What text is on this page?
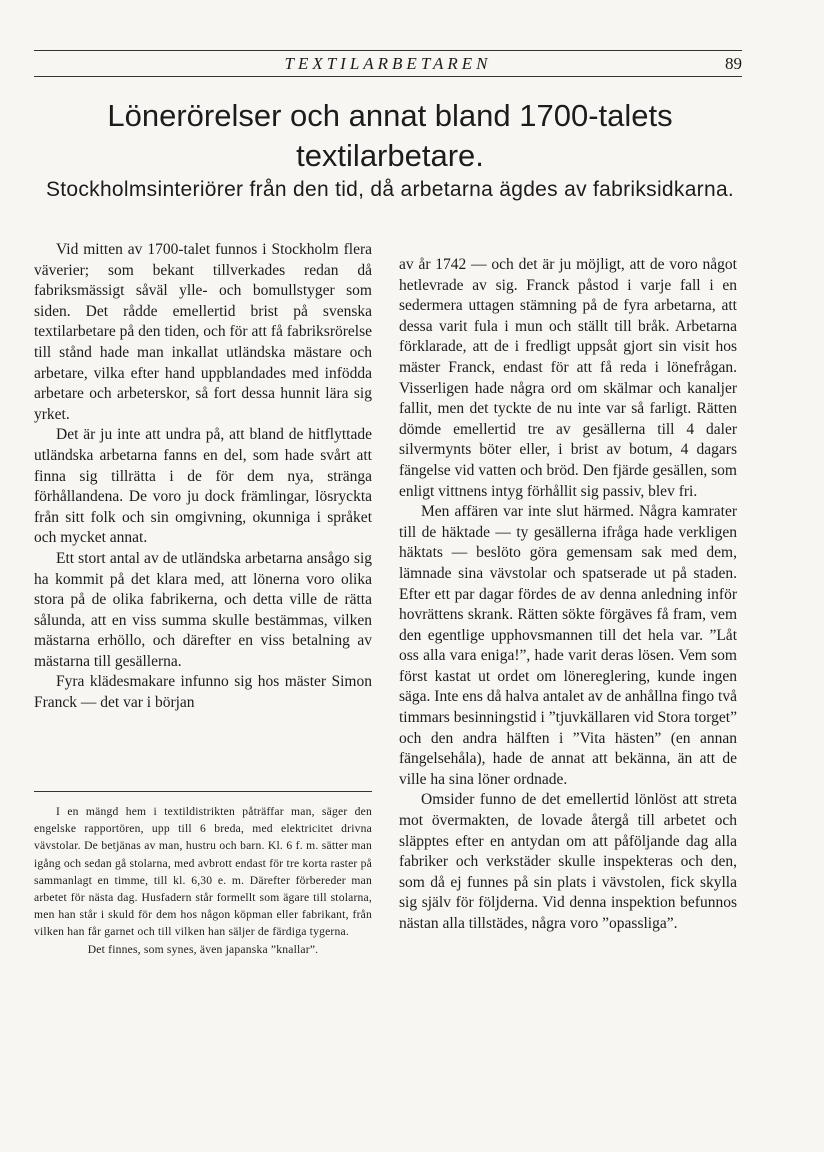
TEXTILARBETAREN	89
Lönerörelser och annat bland 1700-talets textilarbetare.
Stockholmsinteriörer från den tid, då arbetarna ägdes av fabriksidkarna.

Vid mitten av 1700-talet funnos i Stockholm flera väverier; som bekant tillverkades redan då fabriksmässigt såväl ylle- och bomullstyger som siden. Det rådde emellertid brist på svenska textilarbetare på den tiden, och för att få fabriksrörelse till stånd hade man inkallat utländska mästare och arbetare, vilka efter hand uppblandades med infödda arbetare och arbeterskor, så fort dessa hunnit lära sig yrket.

Det är ju inte att undra på, att bland de hitflyttade utländska arbetarna fanns en del, som hade svårt att finna sig tillrätta i de för dem nya, stränga förhållandena. De voro ju dock främlingar, lösryckta från sitt folk och sin omgivning, okunniga i språket och mycket annat.

Ett stort antal av de utländska arbetarna ansågo sig ha kommit på det klara med, att lönerna voro olika stora på de olika fabrikerna, och detta ville de rätta sålunda, att en viss summa skulle bestämmas, vilken mästarna erhöllo, och därefter en viss betalning av mästarna till gesällerna.

Fyra klädesmakare infunno sig hos mäster Simon Franck — det var i början

I en mängd hem i textildistrikten påträffar man, säger den engelske rapportören, upp till 6 breda, med elektricitet drivna vävstolar. De betjänas av man, hustru och barn. Kl. 6 f. m. sätter man igång och sedan gå stolarna, med avbrott endast för tre korta raster på sammanlagt en timme, till kl. 6,30 e. m. Därefter förbereder man arbetet för nästa dag. Husfadern står formellt som ägare till stolarna, men han står i skuld för dem hos någon köpman eller fabrikant, från vilken han får garnet och till vilken han säljer de färdiga tygerna.

Det finnes, som synes, även japanska ”knallar”.

av år 1742 — och det är ju möjligt, att de voro något hetlevrade av sig. Franck påstod i varje fall i en sedermera uttagen stämning på de fyra arbetarna, att dessa varit fula i mun och ställt till bråk. Arbetarna förklarade, att de i fredligt uppsåt gjort sin visit hos mäster Franck, endast för att få reda i lönefrågan. Visserligen hade några ord om skälmar och kanaljer fallit, men det tyckte de nu inte var så farligt. Rätten dömde emellertid tre av gesällerna till 4 daler silvermynts böter eller, i brist av botum, 4 dagars fängelse vid vatten och bröd. Den fjärde gesällen, som enligt vittnens intyg förhållit sig passiv, blev fri.

Men affären var inte slut härmed. Några kamrater till de häktade — ty gesällerna ifråga hade verkligen häktats — beslöto göra gemensam sak med dem, lämnade sina vävstolar och spatserade ut på staden. Efter ett par dagar fördes de av denna anledning inför hovrättens skrank. Rätten sökte förgäves få fram, vem den egentlige upphovsmannen till det hela var. ”Låt oss alla vara eniga!”, hade varit deras lösen. Vem som först kastat ut ordet om lönereglering, kunde ingen säga. Inte ens då halva antalet av de anhållna fingo två timmars besinningstid i ”tjuvkällaren vid Stora torget” och den andra hälften i ”Vita hästen” (en annan fängelsehåla), hade de annat att bekänna, än att de ville ha sina löner ordnade.

Omsider funno de det emellertid lönlöst att streta mot övermakten, de lovade återgå till arbetet och släpptes efter en antydan om att påföljande dag alla fabriker och verkstäder skulle inspekteras och den, som då ej funnes på sin plats i vävstolen, fick skylla sig själv för följderna. Vid denna inspektion befunnos nästan alla tillstädes, några voro ”opassliga”.
